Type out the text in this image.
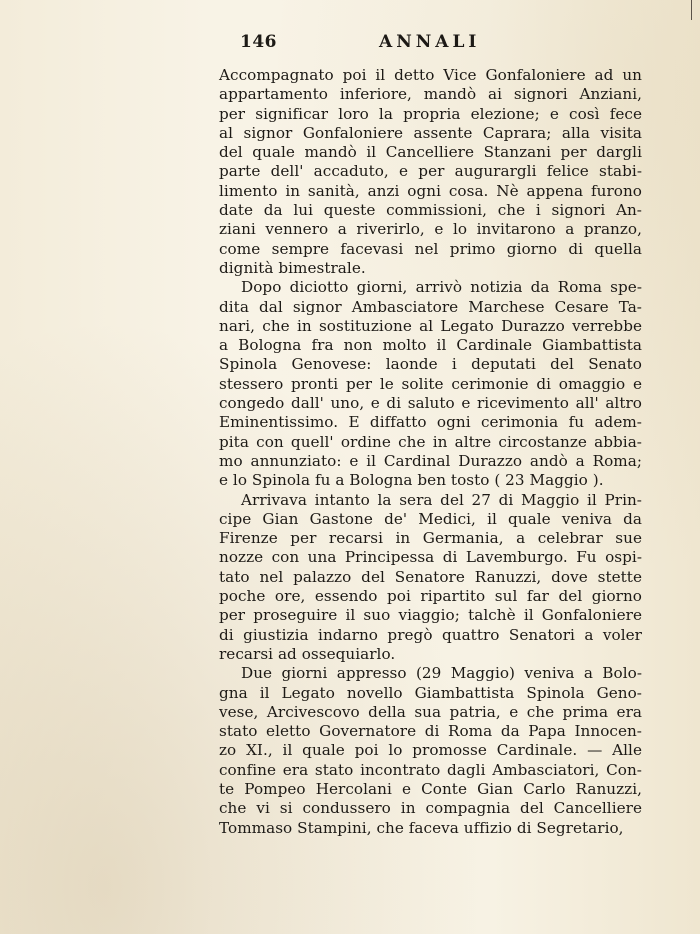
146	ANNALI
Accompagnato poi il detto Vice Gonfaloniere ad un
appartamento inferiore, mandò ai signori Anziani,
per significar loro la propria elezione; e così fece
al signor Gonfaloniere assente Caprara; alla visita
del quale mandò il Cancelliere Stanzani per dargli
parte dell' accaduto, e per augurargli felice stabi-
limento in sanità, anzi ogni cosa. Nè appena furono
date da lui queste commissioni, che i signori An-
ziani vennero a riverirlo, e lo invitarono a pranzo,
come sempre facevasi nel primo giorno di quella
dignità bimestrale.
Dopo diciotto giorni, arrivò notizia da Roma spe-
dita dal signor Ambasciatore Marchese Cesare Ta-
nari, che in sostituzione al Legato Durazzo verrebbe
a Bologna fra non molto il Cardinale Giambattista
Spinola Genovese: laonde i deputati del Senato
stessero pronti per le solite cerimonie di omaggio e
congedo dall' uno, e di saluto e ricevimento all' altro
Eminentissimo. E diffatto ogni cerimonia fu adem-
pita con quell' ordine che in altre circostanze abbia-
mo annunziato: e il Cardinal Durazzo andò a Roma;
e lo Spinola fu a Bologna ben tosto ( 23 Maggio ).
Arrivava intanto la sera del 27 di Maggio il Prin-
cipe Gian Gastone de' Medici, il quale veniva da
Firenze per recarsi in Germania, a celebrar sue
nozze con una Principessa di Lavemburgo. Fu ospi-
tato nel palazzo del Senatore Ranuzzi, dove stette
poche ore, essendo poi ripartito sul far del giorno
per proseguire il suo viaggio; talchè il Gonfaloniere
di giustizia indarno pregò quattro Senatori a voler
recarsi ad ossequiarlo.
Due giorni appresso (29 Maggio) veniva a Bolo-
gna il Legato novello Giambattista Spinola Geno-
vese, Arcivescovo della sua patria, e che prima era
stato eletto Governatore di Roma da Papa Innocen-
zo XI., il quale poi lo promosse Cardinale. — Alle
confine era stato incontrato dagli Ambasciatori, Con-
te Pompeo Hercolani e Conte Gian Carlo Ranuzzi,
che vi si condussero in compagnia del Cancelliere
Tommaso Stampini, che faceva uffizio di Segretario,
